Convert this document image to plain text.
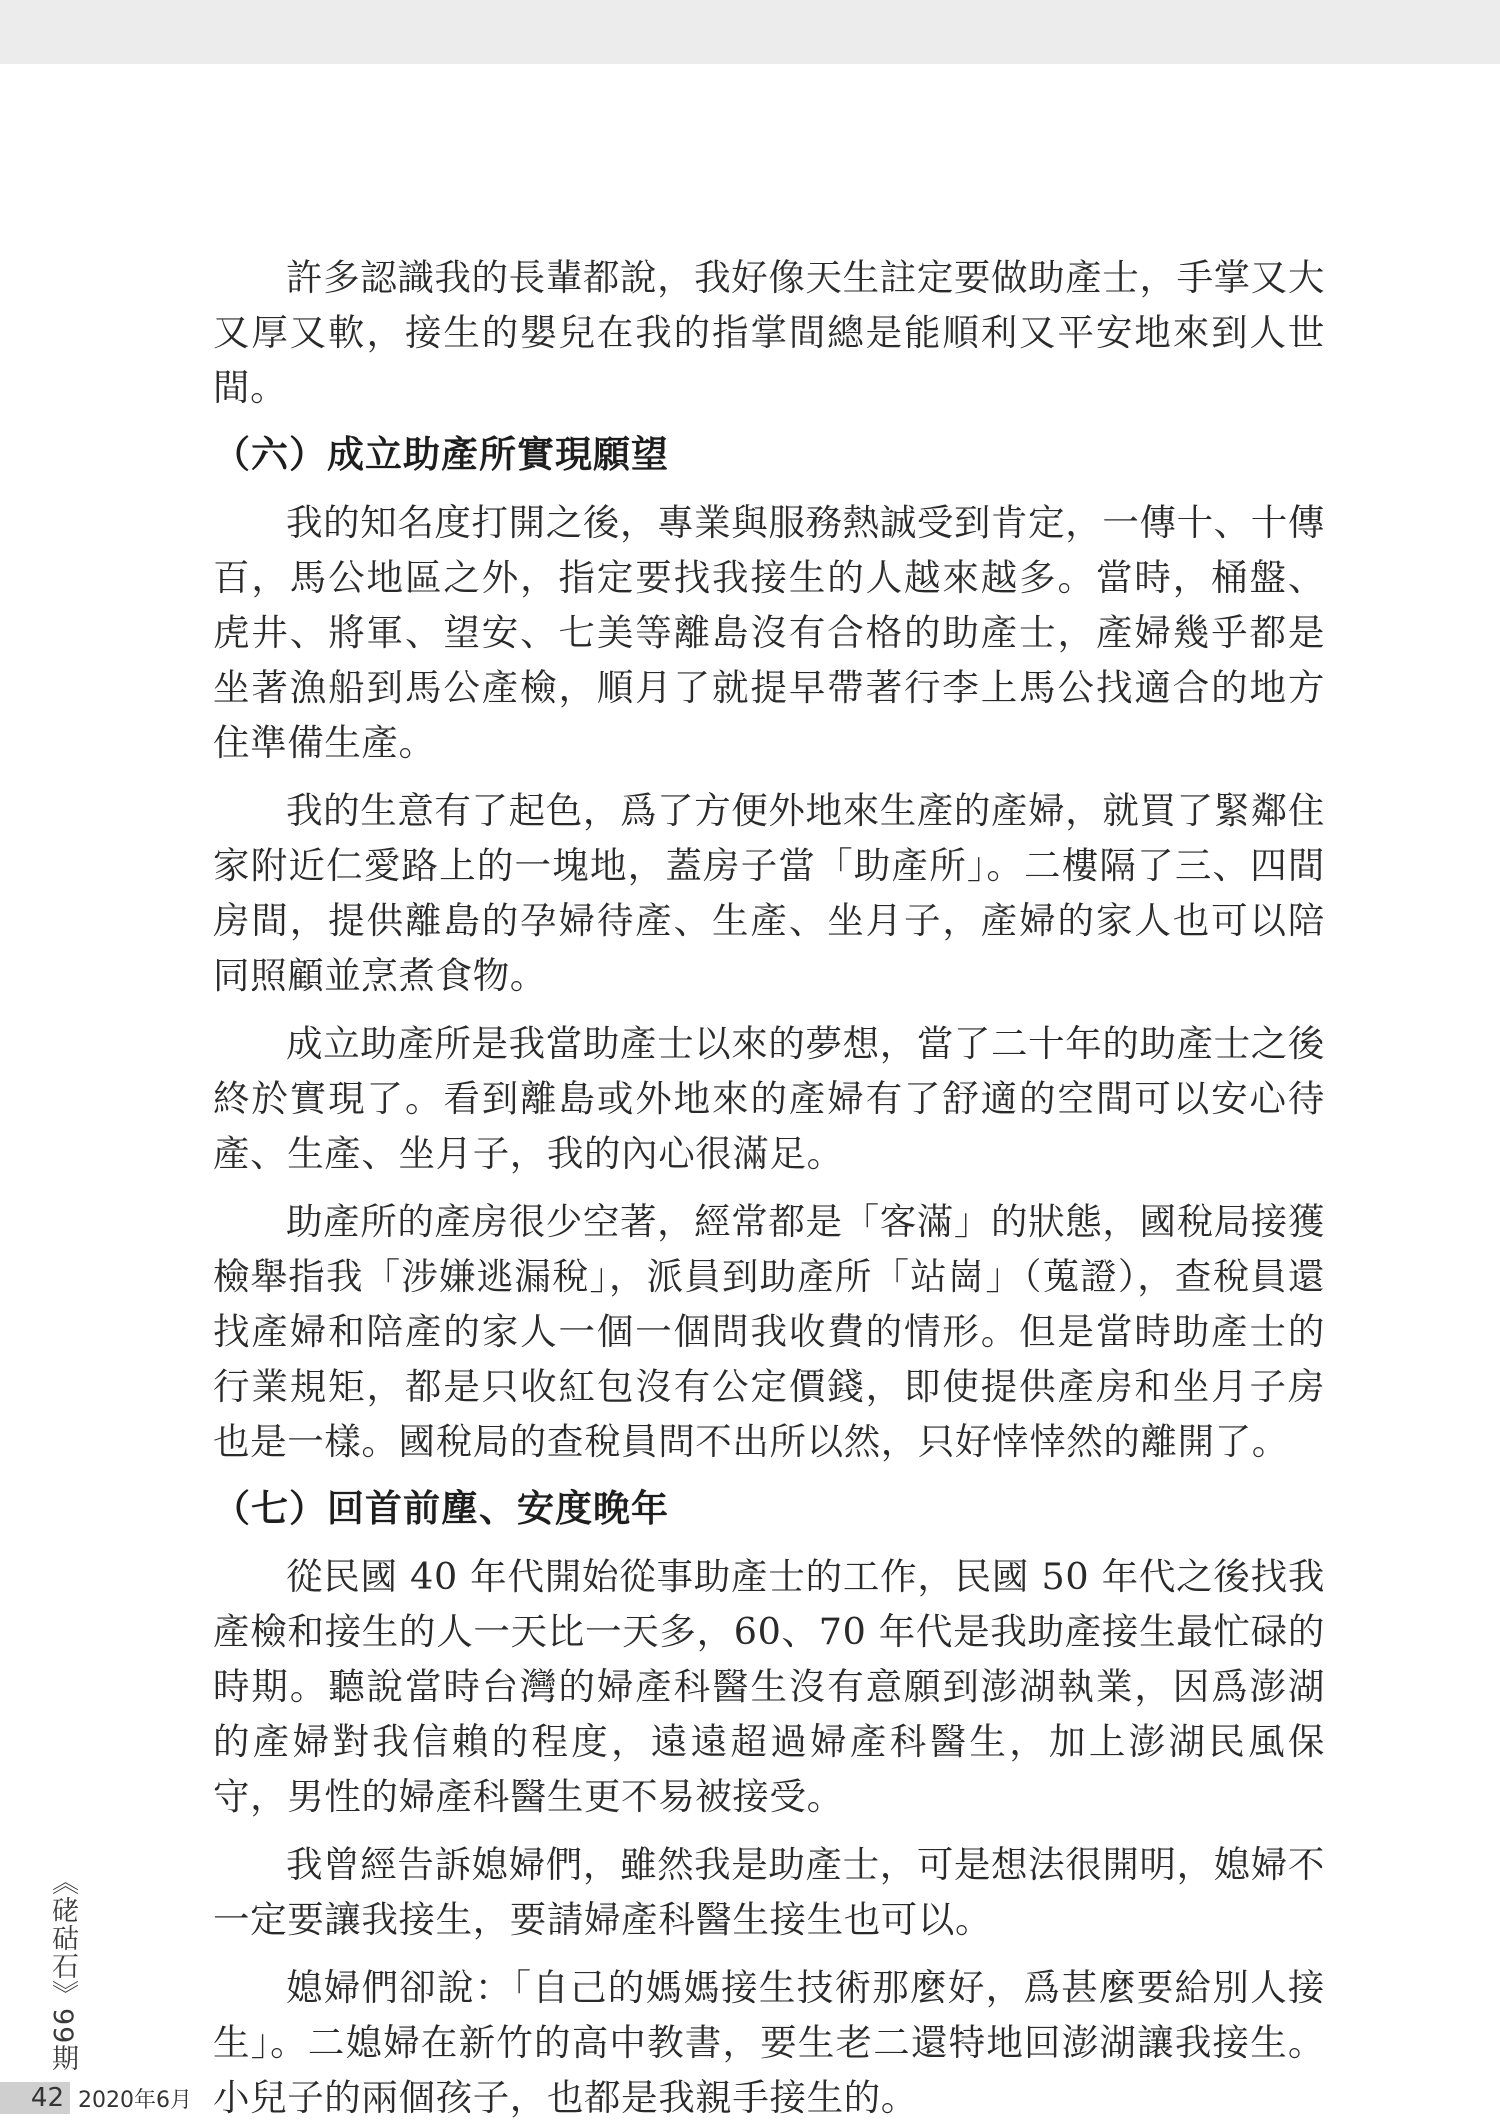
許多認識我的長輩都說，我好像天生註定要做助產士，手掌又大又厚又軟，接生的嬰兒在我的指掌間總是能順利又平安地來到人世間。

（六）成立助產所實現願望

我的知名度打開之後，專業與服務熱誠受到肯定，一傳十、十傳百，馬公地區之外，指定要找我接生的人越來越多。當時，桶盤、虎井、將軍、望安、七美等離島沒有合格的助產士，產婦幾乎都是坐著漁船到馬公產檢，順月了就提早帶著行李上馬公找適合的地方住準備生產。

我的生意有了起色，爲了方便外地來生產的產婦，就買了緊鄰住家附近仁愛路上的一塊地，蓋房子當「助產所」。二樓隔了三、四間房間，提供離島的孕婦待產、生產、坐月子，產婦的家人也可以陪同照顧並烹煮食物。

成立助產所是我當助產士以來的夢想，當了二十年的助產士之後終於實現了。看到離島或外地來的產婦有了舒適的空間可以安心待產、生產、坐月子，我的內心很滿足。

助產所的產房很少空著，經常都是「客滿」的狀態，國稅局接獲檢舉指我「涉嫌逃漏稅」，派員到助產所「站崗」（蒐證），查稅員還找產婦和陪產的家人一個一個問我收費的情形。但是當時助產士的行業規矩，都是只收紅包沒有公定價錢，即使提供產房和坐月子房也是一樣。國稅局的查稅員問不出所以然，只好悻悻然的離開了。

（七）回首前塵、安度晚年

從民國 40 年代開始從事助產士的工作，民國 50 年代之後找我產檢和接生的人一天比一天多，60、70 年代是我助產接生最忙碌的時期。聽說當時台灣的婦產科醫生沒有意願到澎湖執業，因爲澎湖的產婦對我信賴的程度，遠遠超過婦產科醫生，加上澎湖民風保守，男性的婦產科醫生更不易被接受。

我曾經告訴媳婦們，雖然我是助產士，可是想法很開明，媳婦不一定要讓我接生，要請婦產科醫生接生也可以。

媳婦們卻說：「自己的媽媽接生技術那麼好，爲甚麼要給別人接生」。二媳婦在新竹的高中教書，要生老二還特地回澎湖讓我接生。小兒子的兩個孩子，也都是我親手接生的。

《硓𥑮石》99期
42 2020年6月
